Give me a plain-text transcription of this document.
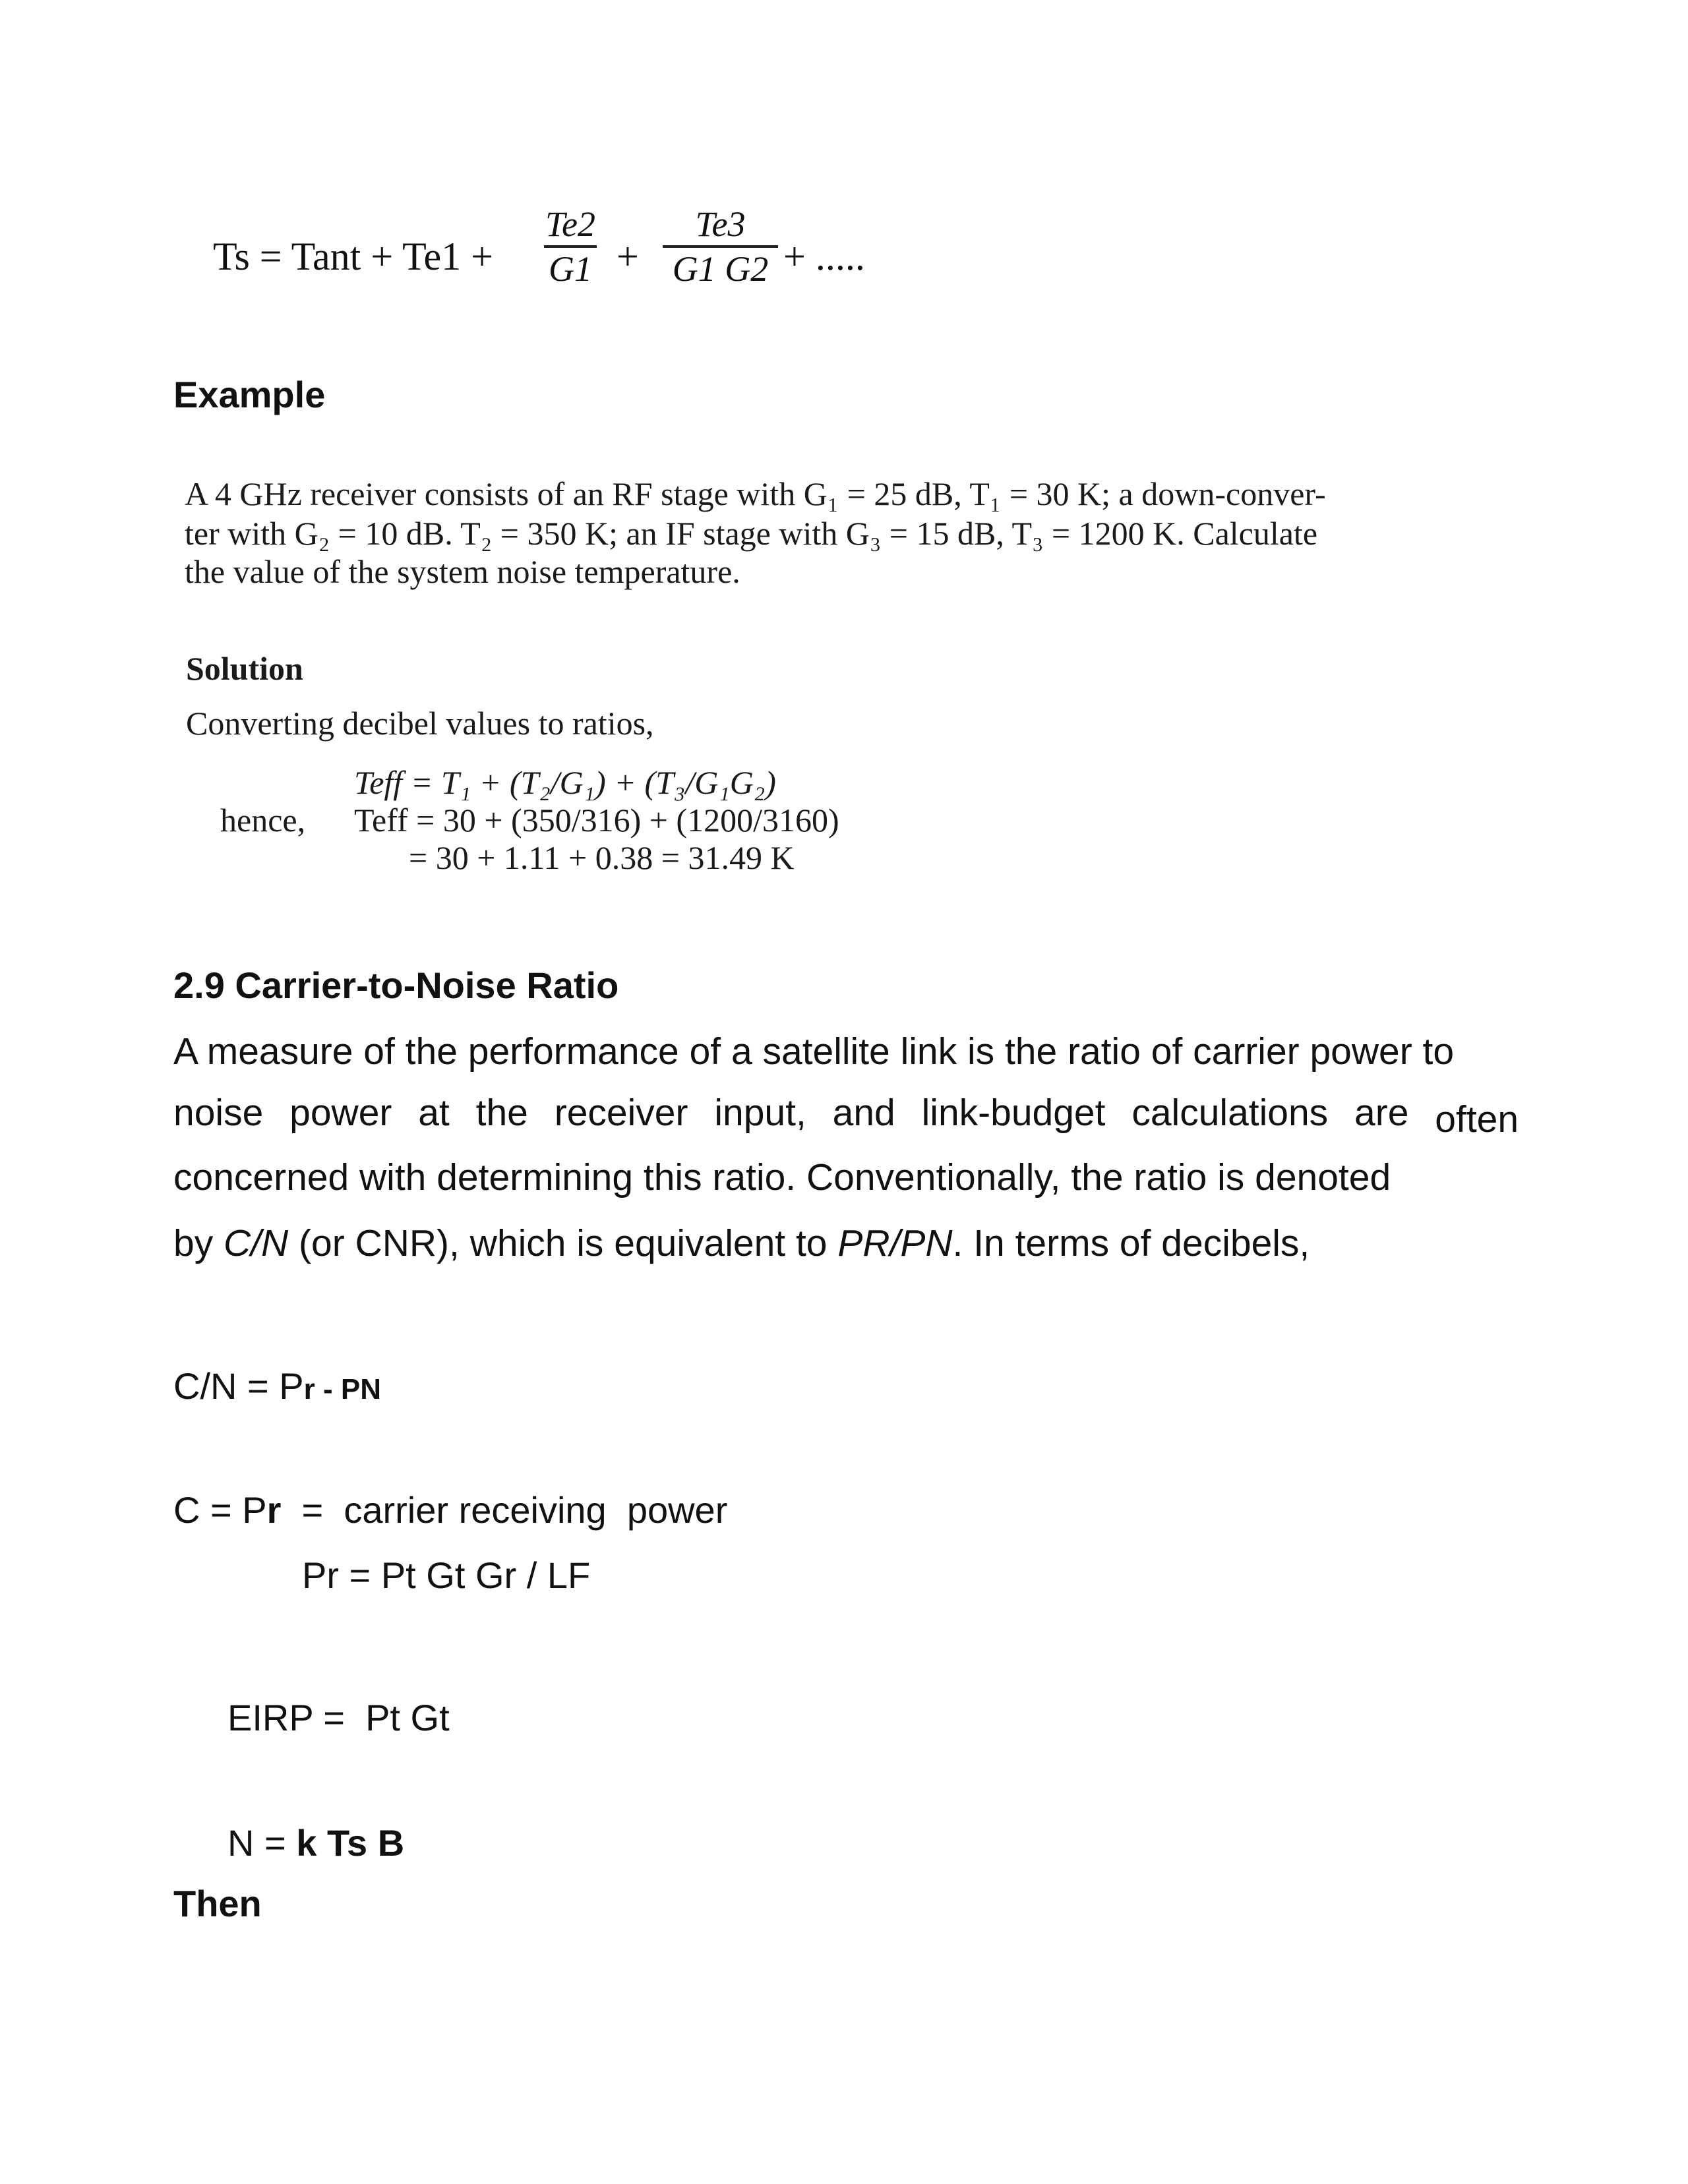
Ts = Tant + Te1 +
Te2
G1 +
Te3
G1 G2 + .....
Example
A 4 GHz receiver consists of an RF stage with G₁ = 25 dB, T₁ = 30 K; a down-conver-
ter with G₂ = 10 dB. T₂ = 350 K; an IF stage with G₃ = 15 dB, T₃ = 1200 K. Calculate
the value of the system noise temperature.
Solution
Converting decibel values to ratios,
Teff = T₁ + (T₂/G₁) + (T₃/G₁G₂)
hence, Teff = 30 + (350/316) + (1200/3160)
= 30 + 1.11 + 0.38 = 31.49 K
2.9 Carrier-to-Noise Ratio
A measure of the performance of a satellite link is the ratio of carrier power to
noise power at the receiver input, and link-budget calculations are often
concerned with determining this ratio. Conventionally, the ratio is denoted
by C/N (or CNR), which is equivalent to PR/PN. In terms of decibels,
C/N = Pr - PN
C = Pr  =  carrier receiving  power
Pr = Pt Gt Gr / LF
EIRP =  Pt Gt
N = k Ts B
Then
